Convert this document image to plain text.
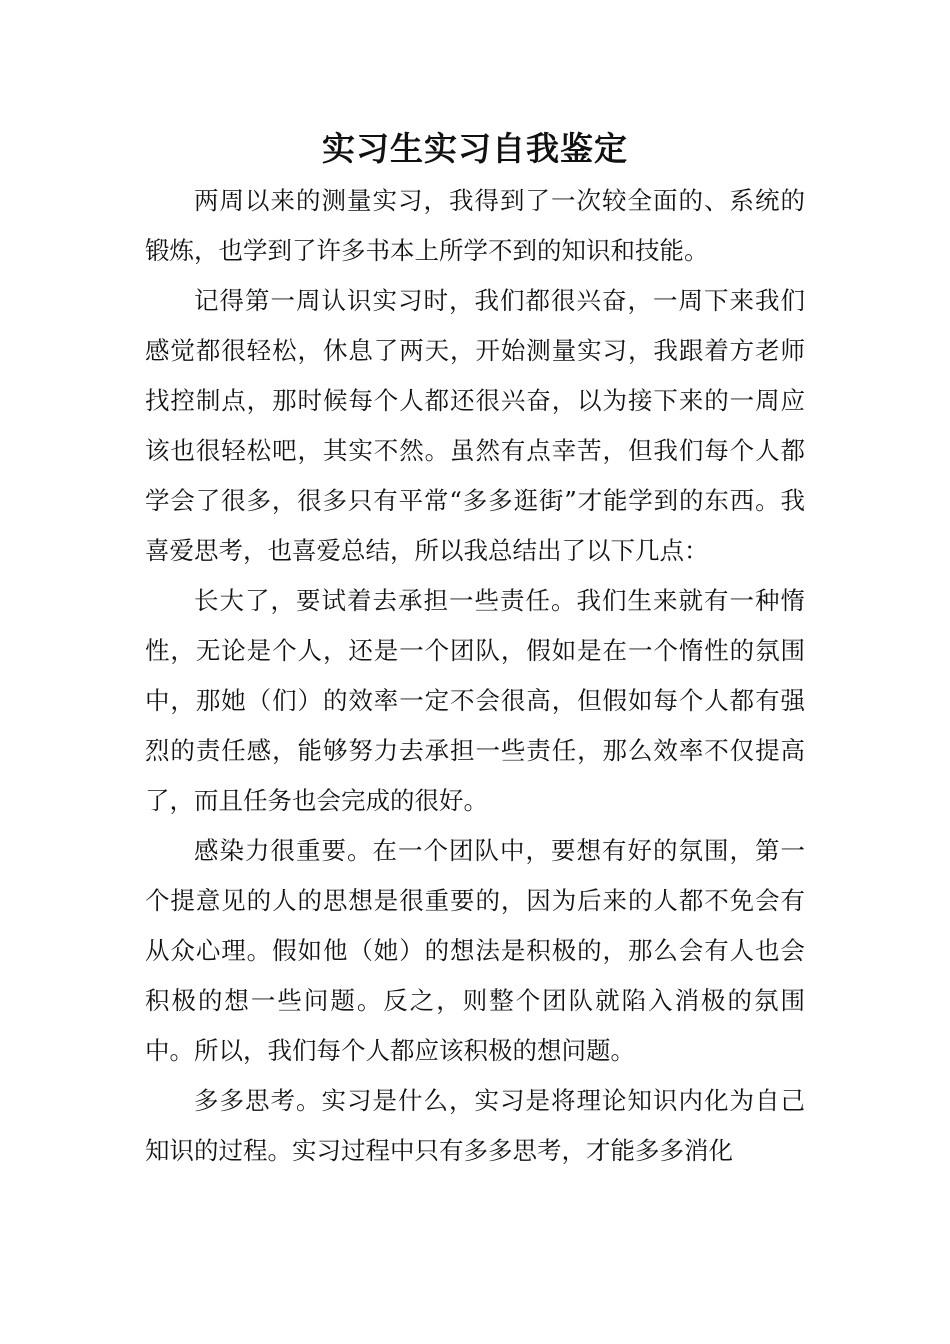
实习生实习自我鉴定

两周以来的测量实习，我得到了一次较全面的、系统的锻炼，也学到了许多书本上所学不到的知识和技能。

记得第一周认识实习时，我们都很兴奋，一周下来我们感觉都很轻松，休息了两天，开始测量实习，我跟着方老师找控制点，那时候每个人都还很兴奋，以为接下来的一周应该也很轻松吧，其实不然。虽然有点幸苦，但我们每个人都学会了很多，很多只有平常“多多逛街”才能学到的东西。我喜爱思考，也喜爱总结，所以我总结出了以下几点：

长大了，要试着去承担一些责任。我们生来就有一种惰性，无论是个人，还是一个团队，假如是在一个惰性的氛围中，那她（们）的效率一定不会很高，但假如每个人都有强烈的责任感，能够努力去承担一些责任，那么效率不仅提高了，而且任务也会完成的很好。

感染力很重要。在一个团队中，要想有好的氛围，第一个提意见的人的思想是很重要的，因为后来的人都不免会有从众心理。假如他（她）的想法是积极的，那么会有人也会积极的想一些问题。反之，则整个团队就陷入消极的氛围中。所以，我们每个人都应该积极的想问题。

多多思考。实习是什么，实习是将理论知识内化为自己知识的过程。实习过程中只有多多思考，才能多多消化
